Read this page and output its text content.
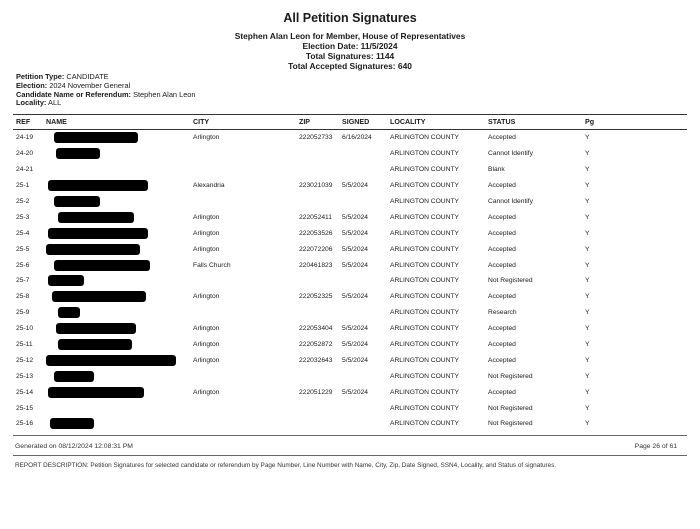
All Petition Signatures
Stephen Alan Leon for Member, House of Representatives
Election Date: 11/5/2024
Total Signatures: 1144
Total Accepted Signatures: 640
Petition Type: CANDIDATE
Election: 2024 November General
Candidate Name or Referendum: Stephen Alan Leon
Locality: ALL
REF	NAME	CITY	ZIP	SIGNED	LOCALITY	STATUS	Pg
24-19		Arlington	222052733	6/16/2024	ARLINGTON COUNTY	Accepted	Y
24-20					ARLINGTON COUNTY	Cannot Identify	Y
24-21					ARLINGTON COUNTY	Blank	Y
25-1		Alexandria	223021039	5/5/2024	ARLINGTON COUNTY	Accepted	Y
25-2					ARLINGTON COUNTY	Cannot Identify	Y
25-3		Arlington	222052411	5/5/2024	ARLINGTON COUNTY	Accepted	Y
25-4		Arlington	222053526	5/5/2024	ARLINGTON COUNTY	Accepted	Y
25-5		Arlington	222072206	5/5/2024	ARLINGTON COUNTY	Accepted	Y
25-6		Falls Church	220461823	5/5/2024	ARLINGTON COUNTY	Accepted	Y
25-7					ARLINGTON COUNTY	Not Registered	Y
25-8		Arlington	222052325	5/5/2024	ARLINGTON COUNTY	Accepted	Y
25-9					ARLINGTON COUNTY	Research	Y
25-10		Arlington	222053404	5/5/2024	ARLINGTON COUNTY	Accepted	Y
25-11		Arlington	222052872	5/5/2024	ARLINGTON COUNTY	Accepted	Y
25-12		Arlington	222032643	5/5/2024	ARLINGTON COUNTY	Accepted	Y
25-13					ARLINGTON COUNTY	Not Registered	Y
25-14		Arlington	222051229	5/5/2024	ARLINGTON COUNTY	Accepted	Y
25-15					ARLINGTON COUNTY	Not Registered	Y
25-16					ARLINGTON COUNTY	Not Registered	Y
Generated on 08/12/2024 12:08:31 PM	Page 26 of 61
REPORT DESCRIPTION: Petition Signatures for selected candidate or referendum by Page Number, Line Number with Name, City, Zip, Date Signed, SSN4, Locality, and Status of signatures.
